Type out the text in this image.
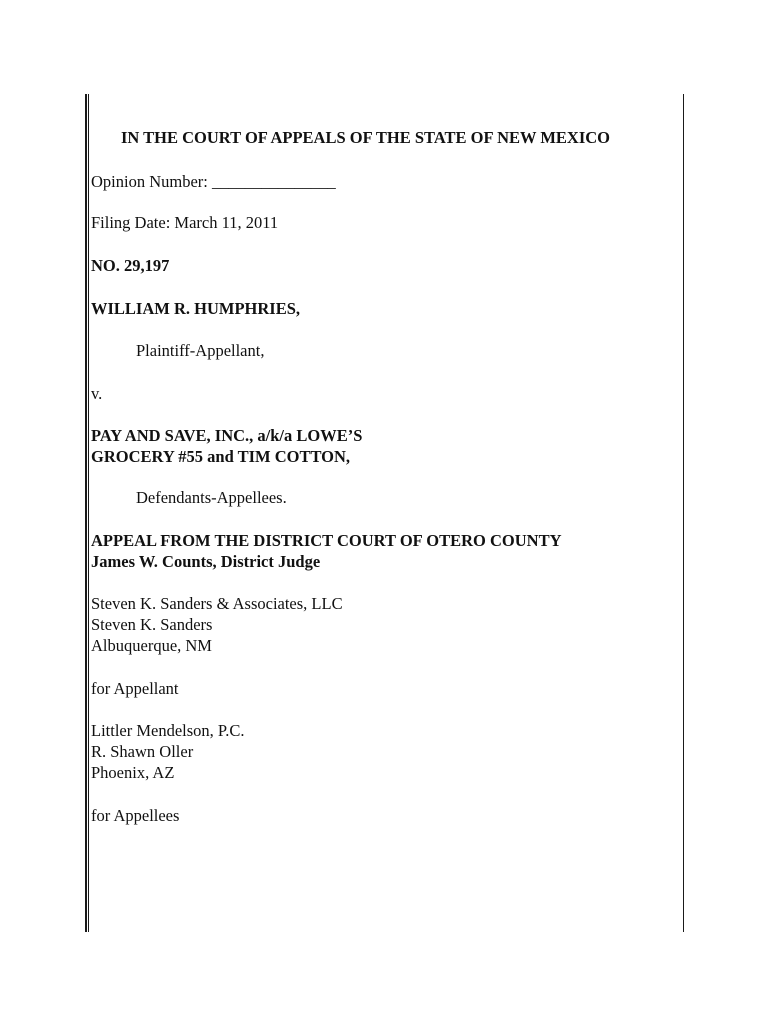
IN THE COURT OF APPEALS OF THE STATE OF NEW MEXICO
Opinion Number: _______________
Filing Date: March 11, 2011
NO. 29,197
WILLIAM R. HUMPHRIES,
Plaintiff-Appellant,
v.
PAY AND SAVE, INC., a/k/a LOWE’S
GROCERY #55 and TIM COTTON,
Defendants-Appellees.
APPEAL FROM THE DISTRICT COURT OF OTERO COUNTY
James W. Counts, District Judge
Steven K. Sanders & Associates, LLC
Steven K. Sanders
Albuquerque, NM
for Appellant
Littler Mendelson, P.C.
R. Shawn Oller
Phoenix, AZ
for Appellees
